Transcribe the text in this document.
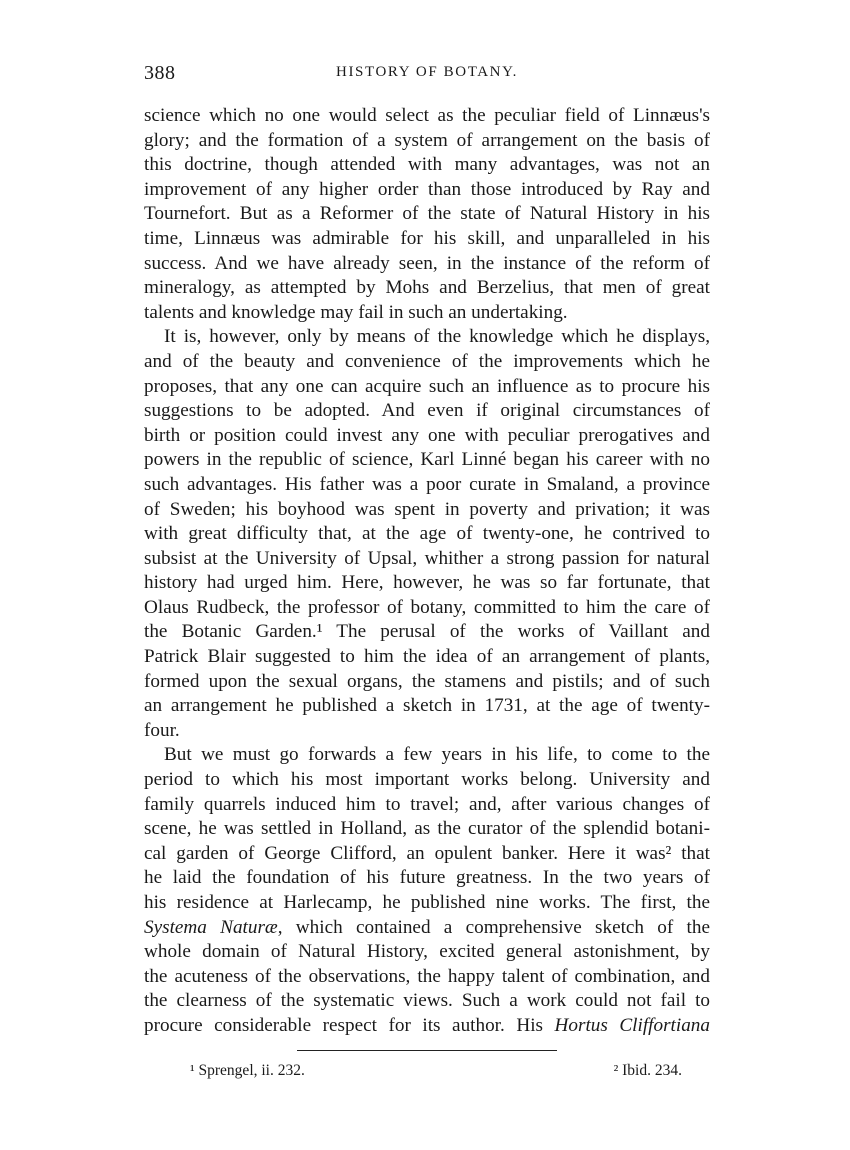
388	HISTORY OF BOTANY.
science which no one would select as the peculiar field of Linnæus's
glory; and the formation of a system of arrangement on the basis of
this doctrine, though attended with many advantages, was not an
improvement of any higher order than those introduced by Ray and
Tournefort. But as a Reformer of the state of Natural History in his
time, Linnæus was admirable for his skill, and unparalleled in his
success. And we have already seen, in the instance of the reform of
mineralogy, as attempted by Mohs and Berzelius, that men of great
talents and knowledge may fail in such an undertaking.
It is, however, only by means of the knowledge which he displays,
and of the beauty and convenience of the improvements which he
proposes, that any one can acquire such an influence as to procure his
suggestions to be adopted. And even if original circumstances of
birth or position could invest any one with peculiar prerogatives and
powers in the republic of science, Karl Linné began his career with no
such advantages. His father was a poor curate in Smaland, a province
of Sweden; his boyhood was spent in poverty and privation; it was
with great difficulty that, at the age of twenty-one, he contrived to
subsist at the University of Upsal, whither a strong passion for natural
history had urged him. Here, however, he was so far fortunate, that
Olaus Rudbeck, the professor of botany, committed to him the care of
the Botanic Garden.¹ The perusal of the works of Vaillant and
Patrick Blair suggested to him the idea of an arrangement of plants,
formed upon the sexual organs, the stamens and pistils; and of such
an arrangement he published a sketch in 1731, at the age of twenty-
four.
But we must go forwards a few years in his life, to come to the
period to which his most important works belong. University and
family quarrels induced him to travel; and, after various changes of
scene, he was settled in Holland, as the curator of the splendid botani-
cal garden of George Clifford, an opulent banker. Here it was² that
he laid the foundation of his future greatness. In the two years of
his residence at Harlecamp, he published nine works. The first, the
Systema Naturæ, which contained a comprehensive sketch of the
whole domain of Natural History, excited general astonishment, by
the acuteness of the observations, the happy talent of combination, and
the clearness of the systematic views. Such a work could not fail to
procure considerable respect for its author. His Hortus Cliffortiana
¹ Sprengel, ii. 232.	² Ibid. 234.
